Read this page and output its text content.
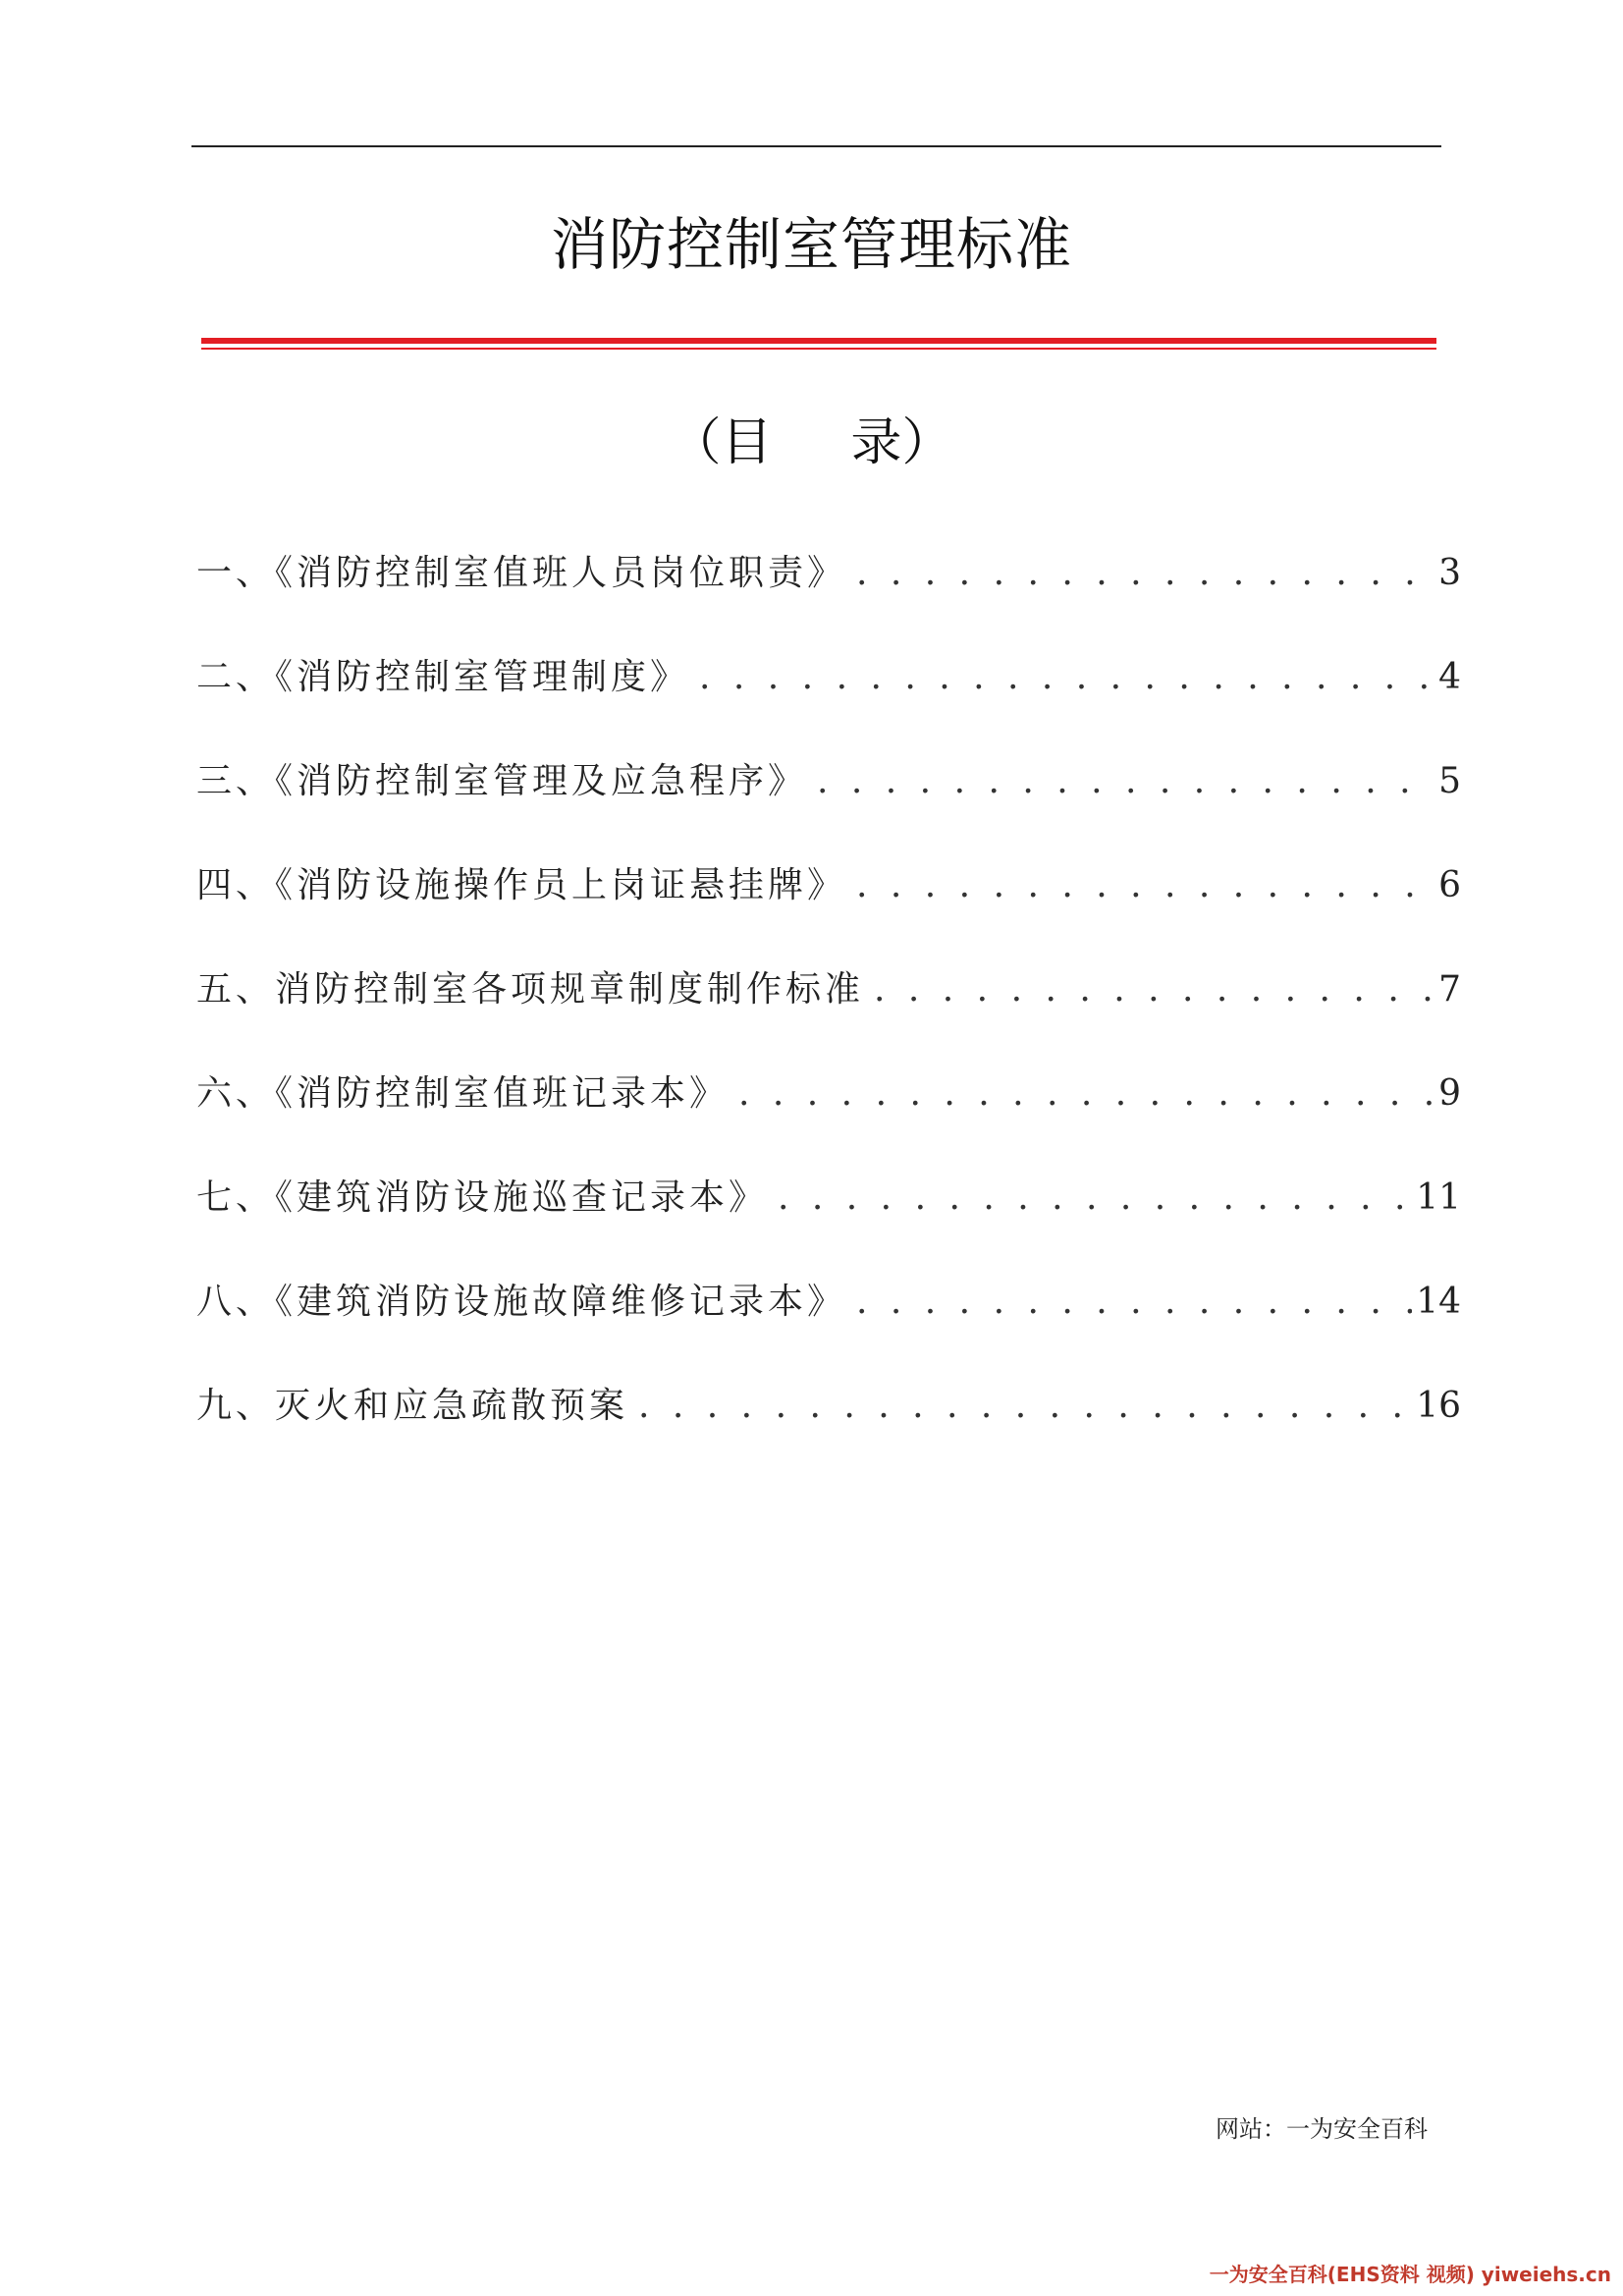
消防控制室管理标准
（目 录）
一、《消防控制室值班人员岗位职责》 . . .	3
二、《消防控制室管理制度》 . . .	4
三、《消防控制室管理及应急程序》 . . .	5
四、《消防设施操作员上岗证悬挂牌》 . . .	6
五、消防控制室各项规章制度制作标准 . . .	7
六、《消防控制室值班记录本》 . . .	9
七、《建筑消防设施巡查记录本》 . . .	11
八、《建筑消防设施故障维修记录本》 . . .	14
九、灭火和应急疏散预案 . . .	16
网站：一为安全百科
一为安全百科(EHS资料 视频) yiweiehs.cn
